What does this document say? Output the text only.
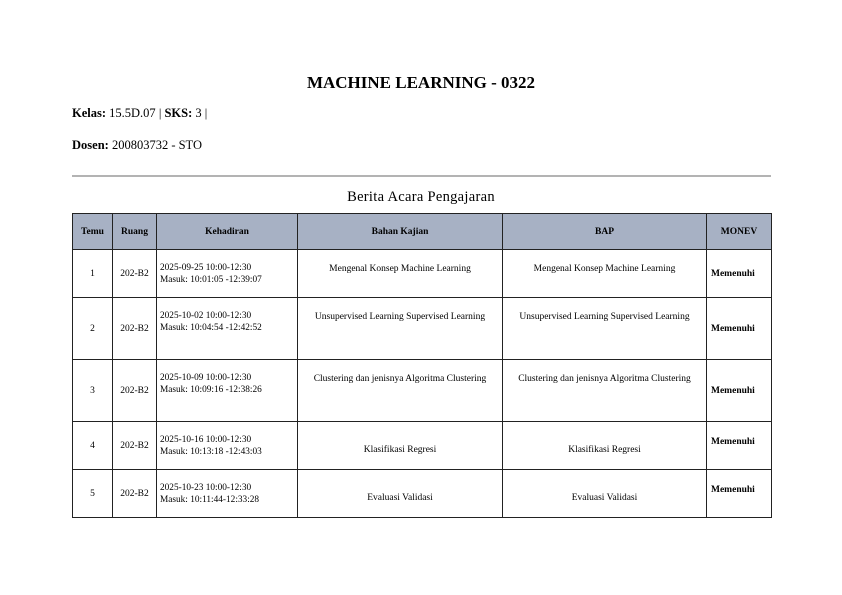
MACHINE LEARNING - 0322
Kelas: 15.5D.07 | SKS: 3 |
Dosen: 200803732 - STO
Berita Acara Pengajaran
Temu	Ruang	Kehadiran	Bahan Kajian	BAP	MONEV
1	202-B2	2025-09-25 10:00-12:30
Masuk: 10:01:05 -12:39:07	Mengenal Konsep Machine Learning	Mengenal Konsep Machine Learning	Memenuhi
2	202-B2	2025-10-02 10:00-12:30
Masuk: 10:04:54 -12:42:52	Unsupervised Learning Supervised Learning	Unsupervised Learning Supervised Learning	Memenuhi
3	202-B2	2025-10-09 10:00-12:30
Masuk: 10:09:16 -12:38:26	Clustering dan jenisnya Algoritma Clustering	Clustering dan jenisnya Algoritma Clustering	Memenuhi
4	202-B2	2025-10-16 10:00-12:30
Masuk: 10:13:18 -12:43:03	Klasifikasi Regresi	Klasifikasi Regresi	Memenuhi
5	202-B2	2025-10-23 10:00-12:30
Masuk: 10:11:44-12:33:28	Evaluasi Validasi	Evaluasi Validasi	Memenuhi
